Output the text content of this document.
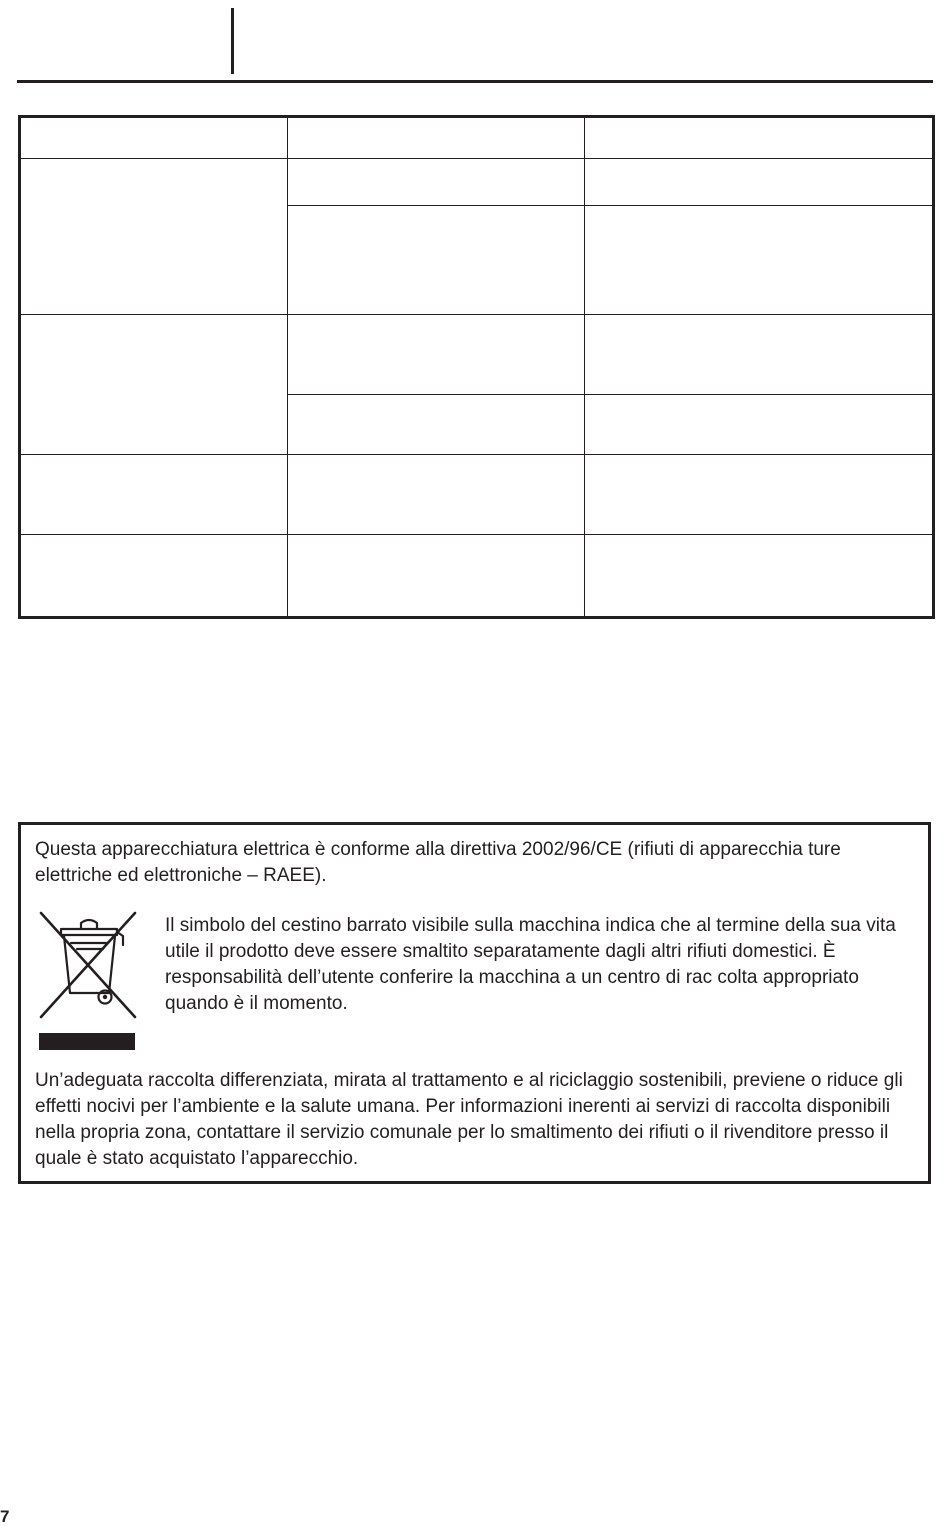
Questa apparecchiatura elettrica è conforme alla direttiva 2002/96/CE (rifiuti di apparecchia ture elettriche ed elettroniche – RAEE).

Il simbolo del cestino barrato visibile sulla macchina indica che al termine della sua vita utile il prodotto deve essere smaltito separatamente dagli altri rifiuti domestici. È responsabilità dell’utente conferire la macchina a un centro di rac colta appropriato quando è il momento.

Un’adeguata raccolta differenziata, mirata al trattamento e al riciclaggio sostenibili, previene o riduce gli effetti nocivi per l’ambiente e la salute umana. Per informazioni inerenti ai servizi di raccolta disponibili nella propria zona, contattare il servizio comunale per lo smaltimento dei rifiuti o il rivenditore presso il quale è stato acquistato l’apparecchio.

7
